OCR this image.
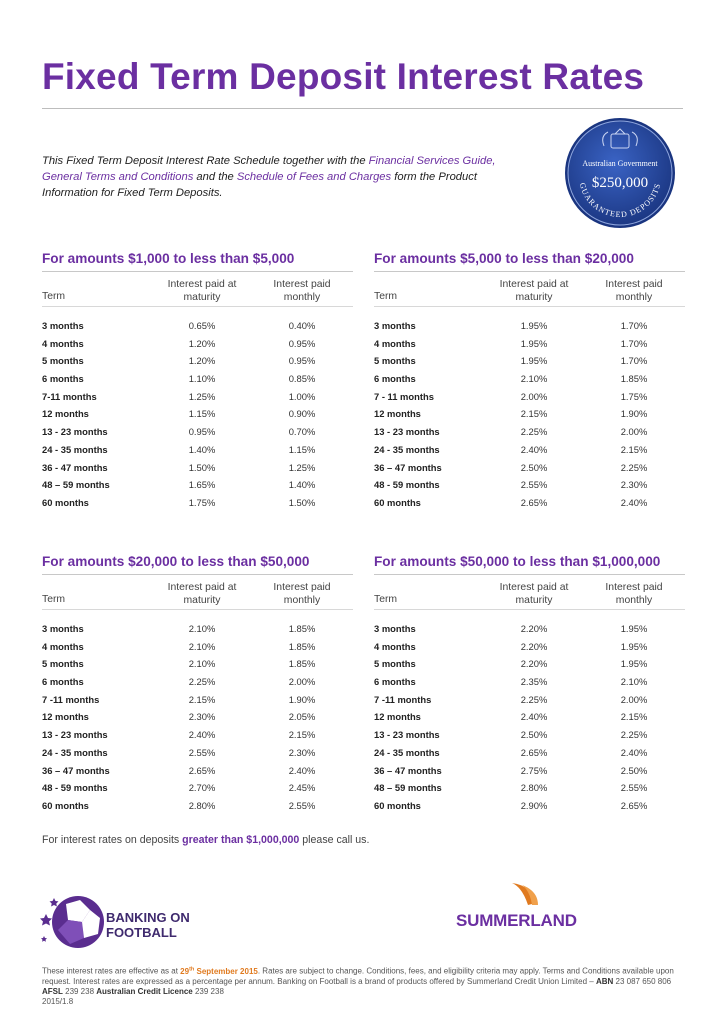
Fixed Term Deposit Interest Rates
This Fixed Term Deposit Interest Rate Schedule together with the Financial Services Guide, General Terms and Conditions and the Schedule of Fees and Charges form the Product Information for Fixed Term Deposits.
Australian Government
$250,000
GUARANTEED DEPOSITS
For amounts $1,000 to less than $5,000
Term
Interest paid at
maturity
Interest paid
monthly
3 months	0.65%	0.40%
4 months	1.20%	0.95%
5 months	1.20%	0.95%
6 months	1.10%	0.85%
7-11 months	1.25%	1.00%
12 months	1.15%	0.90%
13 - 23 months	0.95%	0.70%
24 - 35 months	1.40%	1.15%
36 - 47 months	1.50%	1.25%
48 – 59 months	1.65%	1.40%
60 months	1.75%	1.50%
For amounts $5,000 to less than $20,000
Term
Interest paid at
maturity
Interest paid
monthly
3 months	1.95%	1.70%
4 months	1.95%	1.70%
5 months	1.95%	1.70%
6 months	2.10%	1.85%
7 - 11 months	2.00%	1.75%
12 months	2.15%	1.90%
13 - 23 months	2.25%	2.00%
24 - 35 months	2.40%	2.15%
36 – 47 months	2.50%	2.25%
48 - 59 months	2.55%	2.30%
60 months	2.65%	2.40%
For amounts $20,000 to less than $50,000
Term
Interest paid at
maturity
Interest paid
monthly
3 months	2.10%	1.85%
4 months	2.10%	1.85%
5 months	2.10%	1.85%
6 months	2.25%	2.00%
7 -11 months	2.15%	1.90%
12 months	2.30%	2.05%
13 - 23 months	2.40%	2.15%
24 - 35 months	2.55%	2.30%
36 – 47 months	2.65%	2.40%
48 - 59 months	2.70%	2.45%
60 months	2.80%	2.55%
For amounts $50,000 to less than $1,000,000
Term
Interest paid at
maturity
Interest paid
monthly
3 months	2.20%	1.95%
4 months	2.20%	1.95%
5 months	2.20%	1.95%
6 months	2.35%	2.10%
7 -11 months	2.25%	2.00%
12 months	2.40%	2.15%
13 - 23 months	2.50%	2.25%
24 - 35 months	2.65%	2.40%
36 – 47 months	2.75%	2.50%
48 – 59 months	2.80%	2.55%
60 months	2.90%	2.65%
For interest rates on deposits greater than $1,000,000 please call us.
BANKING ON
FOOTBALL
SUMMERLAND
These interest rates are effective as at 29th September 2015. Rates are subject to change. Conditions, fees, and eligibility criteria may apply. Terms and Conditions available upon request. Interest rates are expressed as a percentage per annum. Banking on Football is a brand of products offered by Summerland Credit Union Limited – ABN 23 087 650 806 AFSL 239 238 Australian Credit Licence 239 238
2015/1.8
